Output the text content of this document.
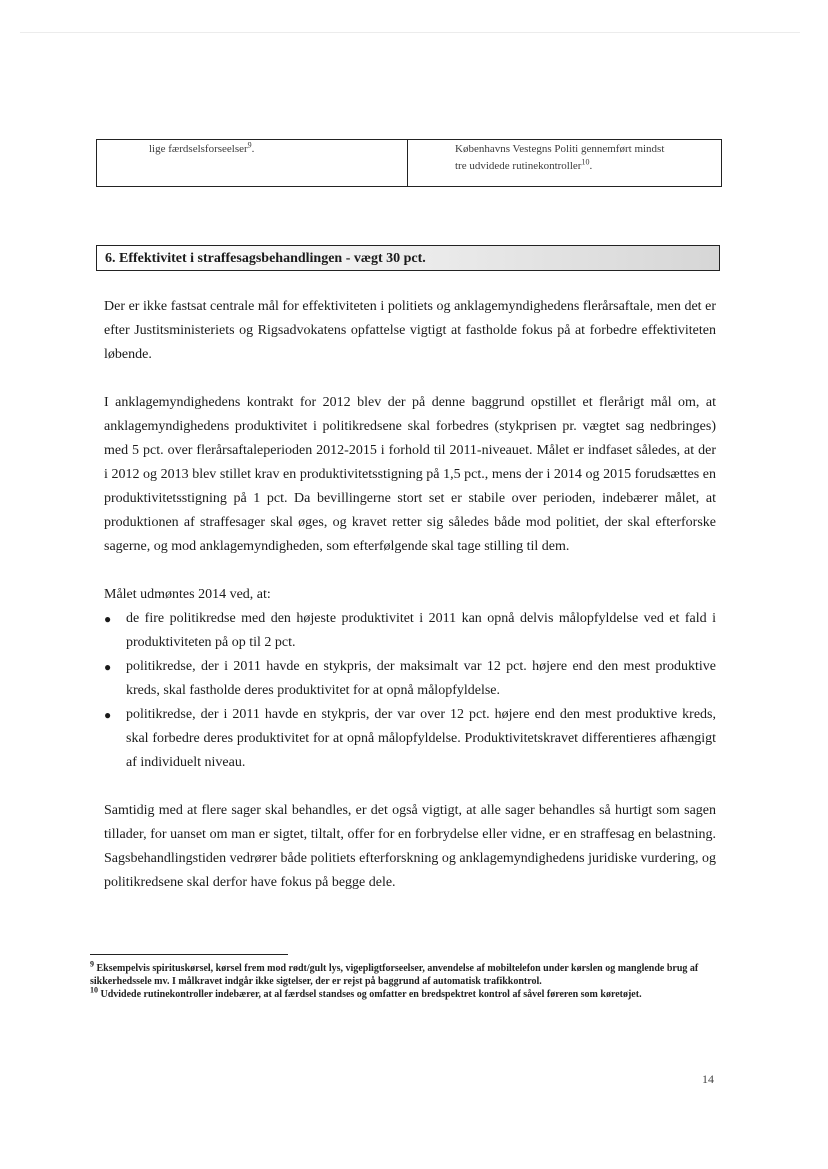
lige færdselsforseelser$^9$.	Københavns Vestegns Politi gennemført mindst
tre udvidede rutinekontroller$^{10}$.
6. Effektivitet i straffesagsbehandlingen - vægt 30 pct.

Der er ikke fastsat centrale mål for effektiviteten i politiets og anklagemyndighedens flerårsaftale, men det er efter Justitsministeriets og Rigsadvokatens opfattelse vigtigt at fastholde fokus på at forbedre effektiviteten løbende.

I anklagemyndighedens kontrakt for 2012 blev der på denne baggrund opstillet et flerårigt mål om, at anklagemyndighedens produktivitet i politikredsene skal forbedres (stykprisen pr. vægtet sag nedbringes) med 5 pct. over flerårsaftaleperioden 2012-2015 i forhold til 2011-niveauet. Målet er indfaset således, at der i 2012 og 2013 blev stillet krav en produktivitetsstigning på 1,5 pct., mens der i 2014 og 2015 forudsættes en produktivitetsstigning på 1 pct. Da bevillingerne stort set er stabile over perioden, indebærer målet, at produktionen af straffesager skal øges, og kravet retter sig således både mod politiet, der skal efterforske sagerne, og mod anklagemyndigheden, som efterfølgende skal tage stilling til dem.

Målet udmøntes 2014 ved, at:

● de fire politikredse med den højeste produktivitet i 2011 kan opnå delvis målopfyldelse ved et fald i produktiviteten på op til 2 pct.
● politikredse, der i 2011 havde en stykpris, der maksimalt var 12 pct. højere end den mest produktive kreds, skal fastholde deres produktivitet for at opnå målopfyldelse.
● politikredse, der i 2011 havde en stykpris, der var over 12 pct. højere end den mest produktive kreds, skal forbedre deres produktivitet for at opnå målopfyldelse. Produktivitetskravet differentieres afhængigt af individuelt niveau.

Samtidig med at flere sager skal behandles, er det også vigtigt, at alle sager behandles så hurtigt som sagen tillader, for uanset om man er sigtet, tiltalt, offer for en forbrydelse eller vidne, er en straffesag en belastning. Sagsbehandlingstiden vedrører både politiets efterforskning og anklagemyndighedens juridiske vurdering, og politikredsene skal derfor have fokus på begge dele.

$^9$ Eksempelvis spirituskørsel, kørsel frem mod rødt/gult lys, vigepligtforseelser, anvendelse af mobiltelefon under kørslen og manglende brug af sikkerhedssele mv. I målkravet indgår ikke sigtelser, der er rejst på baggrund af automatisk trafikkontrol.

$^{10}$ Udvidede rutinekontroller indebærer, at al færdsel standses og omfatter en bredspektret kontrol af såvel føreren som køretøjet.

14
